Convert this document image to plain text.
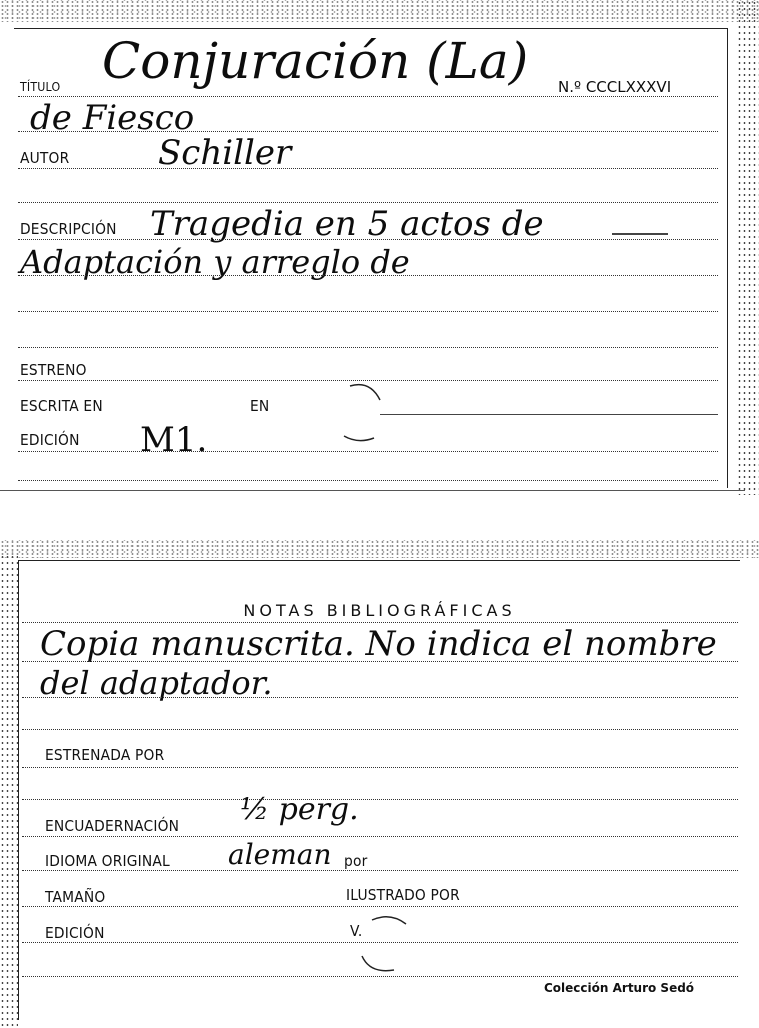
TÍTULO Conjuración (La) N.º CCCLXXXVI
de Fiesco
AUTOR	Schiller
DESCRIPCIÓN Tragedia en 5 actos de
Adaptación y arreglo de
ESTRENO
ESCRITA EN	EN
EDICIÓN M1.
NOTAS BIBLIOGRÁFICAS
Copia manuscrita. No indica el nombre
del adaptador.
ESTRENADA POR
ENCUADERNACIÓN ½ perg.
IDIOMA ORIGINAL aleman por
TAMAÑO	ILUSTRADO POR
EDICIÓN	V.
Colección Arturo Sedó
